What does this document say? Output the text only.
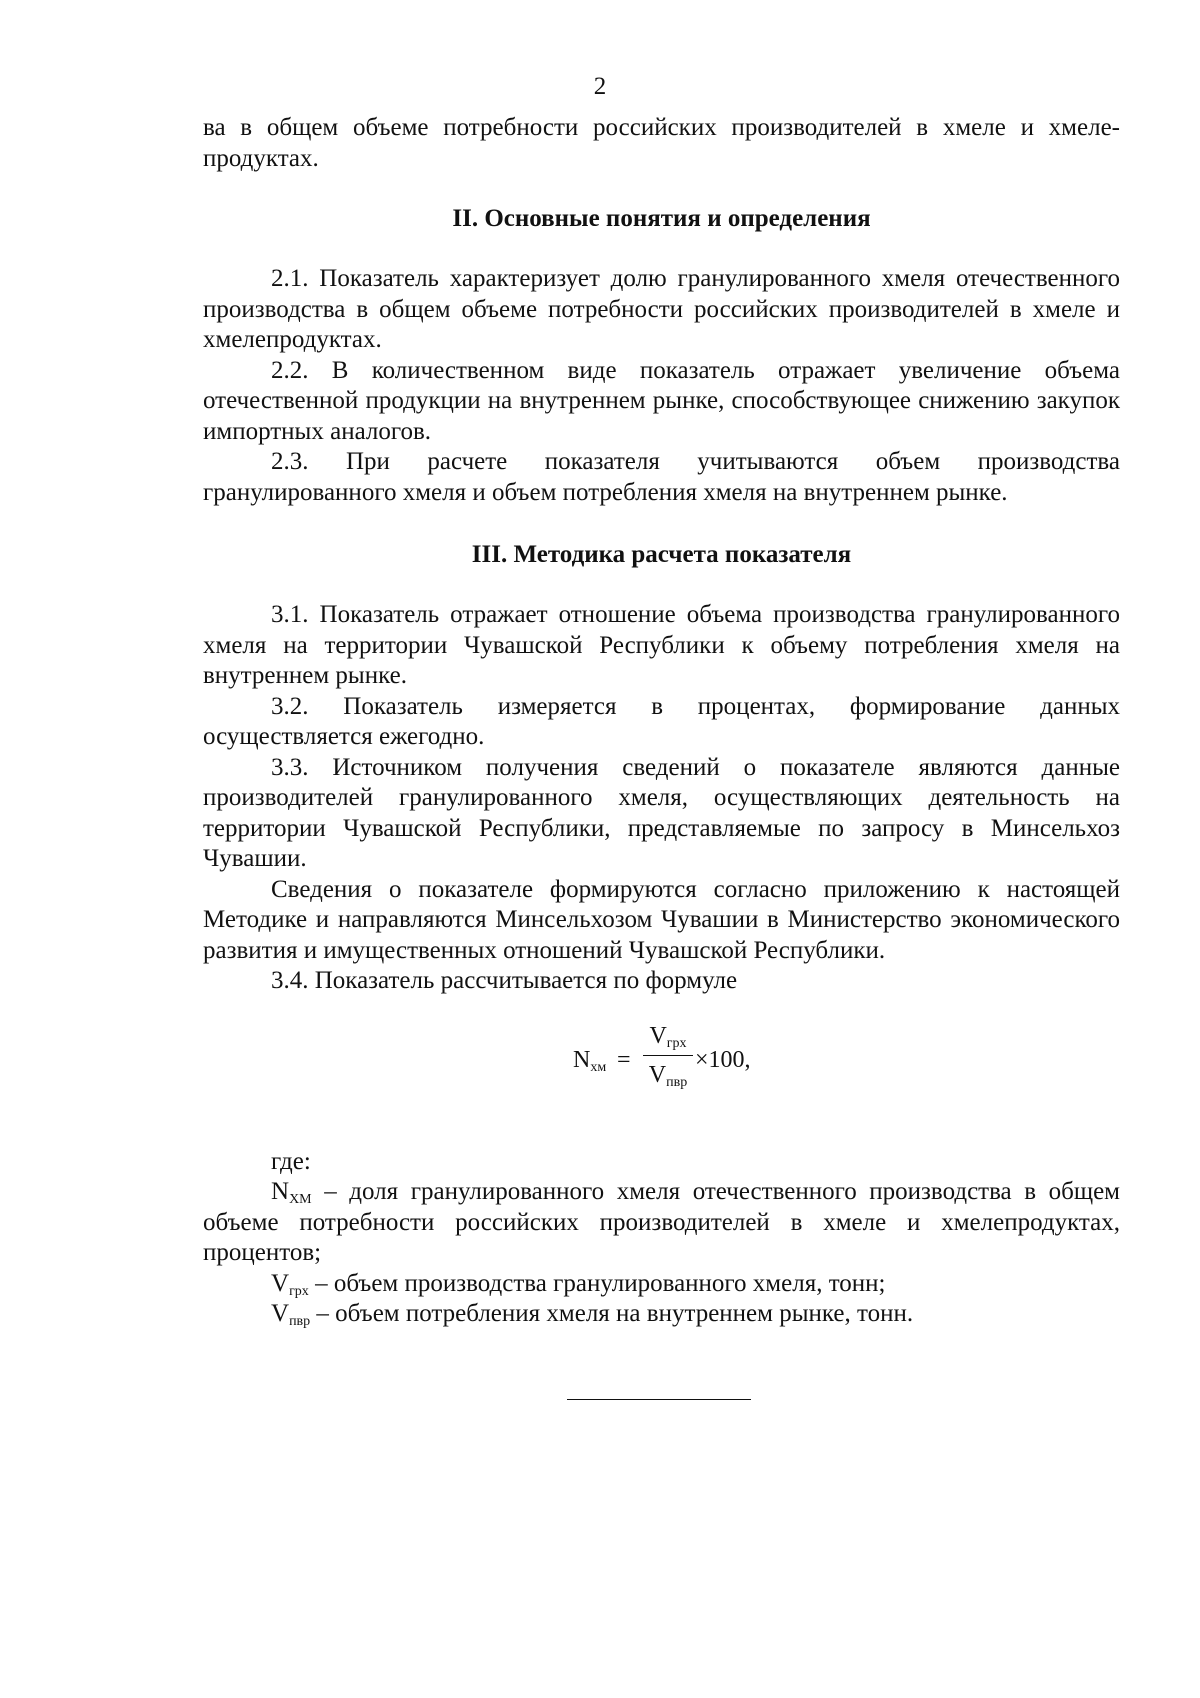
2

ва в общем объеме потребности российских производителей в хмеле и хмеле-продуктах.

II. Основные понятия и определения

2.1. Показатель характеризует долю гранулированного хмеля отечественного производства в общем объеме потребности российских производителей в хмеле и хмелепродуктах.

2.2. В количественном виде показатель отражает увеличение объема отечественной продукции на внутреннем рынке, способствующее снижению закупок импортных аналогов.

2.3. При расчете показателя учитываются объем производства гранулированного хмеля и объем потребления хмеля на внутреннем рынке.

III. Методика расчета показателя

3.1. Показатель отражает отношение объема производства гранулированного хмеля на территории Чувашской Республики к объему потребления хмеля на внутреннем рынке.

3.2. Показатель измеряется в процентах, формирование данных осуществляется ежегодно.

3.3. Источником получения сведений о показателе являются данные производителей гранулированного хмеля, осуществляющих деятельность на территории Чувашской Республики, представляемые по запросу в Минсельхоз Чувашии.

Сведения о показателе формируются согласно приложению к настоящей Методике и направляются Минсельхозом Чувашии в Министерство экономического развития и имущественных отношений Чувашской Республики.

3.4. Показатель рассчитывается по формуле

$N_{хм}$ =
$V_{грх}$
$V_{пвр}$
×100,

где:

$N_{ХМ}$ – доля гранулированного хмеля отечественного производства в общем объеме потребности российских производителей в хмеле и хмелепродуктах, процентов;

$V_{грх}$ – объем производства гранулированного хмеля, тонн;

$V_{пвр}$ – объем потребления хмеля на внутреннем рынке, тонн.
